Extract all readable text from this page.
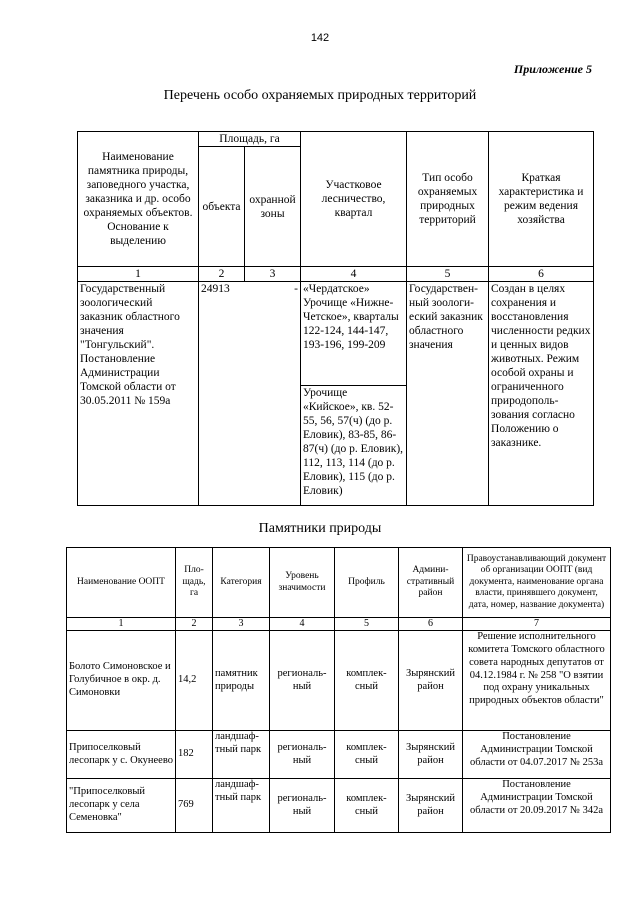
142
Приложение 5
Перечень особо охраняемых природных территорий
Наименование памятника природы, заповедного участка, заказника и др. особо охраняемых объектов. Основание к выделению	Площадь, га		Участковое лесничество, квартал	Тип особо охраняемых природных территорий	Краткая характеристика и режим ведения хозяйства
	объекта	охранной зоны			
1	2	3	4	5	6
Государственный зоологический заказник областного значения "Тонгульский". Постановление Администрации Томской области от 30.05.2011 № 159а	24913	-	«Чердатское» Урочище «Нижне-Четское», кварталы 122-124, 144-147, 193-196, 199-209	Государствен-ный зоологи-еский заказник областного значения	Создан в целях сохранения и восстановления численности редких и ценных видов животных. Режим особой охраны и ограниченного природополь-зования согласно Положению о заказнике.
			Урочище «Кийское», кв. 52-55, 56, 57(ч) (до р. Еловик), 83-85, 86-87(ч) (до р. Еловик), 112, 113, 114 (до р. Еловик), 115 (до р. Еловик)		
Памятники природы
Наименование ООПТ	Пло-щадь, га	Категория	Уровень значимости	Профиль	Админи-стративный район	Правоустанавливающий документ об организации ООПТ (вид документа, наименование органа власти, принявшего документ, дата, номер, название документа)
1	2	3	4	5	6	7
Болото Симоновское и Голубичное в окр. д. Симоновки	14,2	памятник природы	региональ-ный	комплек-сный	Зырянский район	Решение исполнительного комитета Томского областного совета народных депутатов от 04.12.1984 г. № 258 "О взятии под охрану уникальных природных объектов области"
Припоселковый лесопарк у с. Окунеево	182	ландшаф-тный парк	региональ-ный	комплек-сный	Зырянский район	Постановление Администрации Томской области от 04.07.2017 № 253а
"Припоселковый лесопарк у села Семеновка"	769	ландшаф-тный парк	региональ-ный	комплек-сный	Зырянский район	Постановление Администрации Томской области от 20.09.2017 № 342а
